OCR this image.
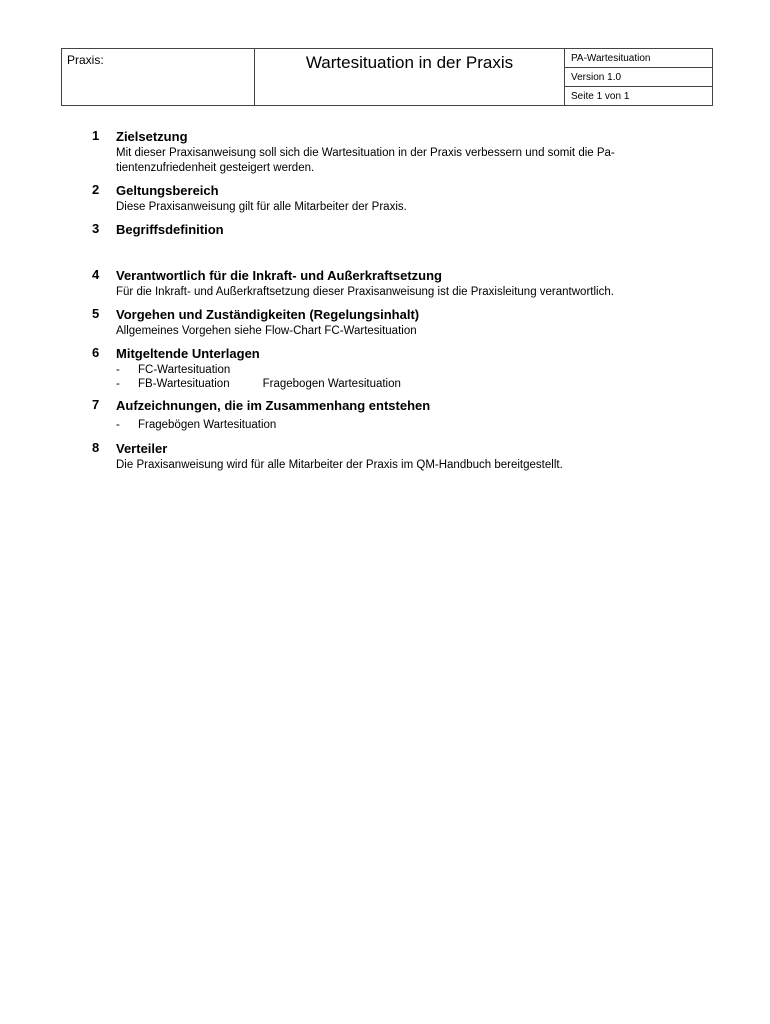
Praxis:	Wartesituation in der Praxis	PA-Wartesituation
Version 1.0
Seite 1 von 1
1 Zielsetzung
Mit dieser Praxisanweisung soll sich die Wartesituation in der Praxis verbessern und somit die Pa-
tientenzufriedenheit gesteigert werden.
2 Geltungsbereich
Diese Praxisanweisung gilt für alle Mitarbeiter der Praxis.
3 Begriffsdefinition
4 Verantwortlich für die Inkraft- und Außerkraftsetzung
Für die Inkraft- und Außerkraftsetzung dieser Praxisanweisung ist die Praxisleitung verantwortlich.
5 Vorgehen und Zuständigkeiten (Regelungsinhalt)
Allgemeines Vorgehen siehe Flow-Chart FC-Wartesituation
6 Mitgeltende Unterlagen
-	FC-Wartesituation
-	FB-Wartesituation	Fragebogen Wartesituation
7 Aufzeichnungen, die im Zusammenhang entstehen
-	Fragebögen Wartesituation
8 Verteiler
Die Praxisanweisung wird für alle Mitarbeiter der Praxis im QM-Handbuch bereitgestellt.
